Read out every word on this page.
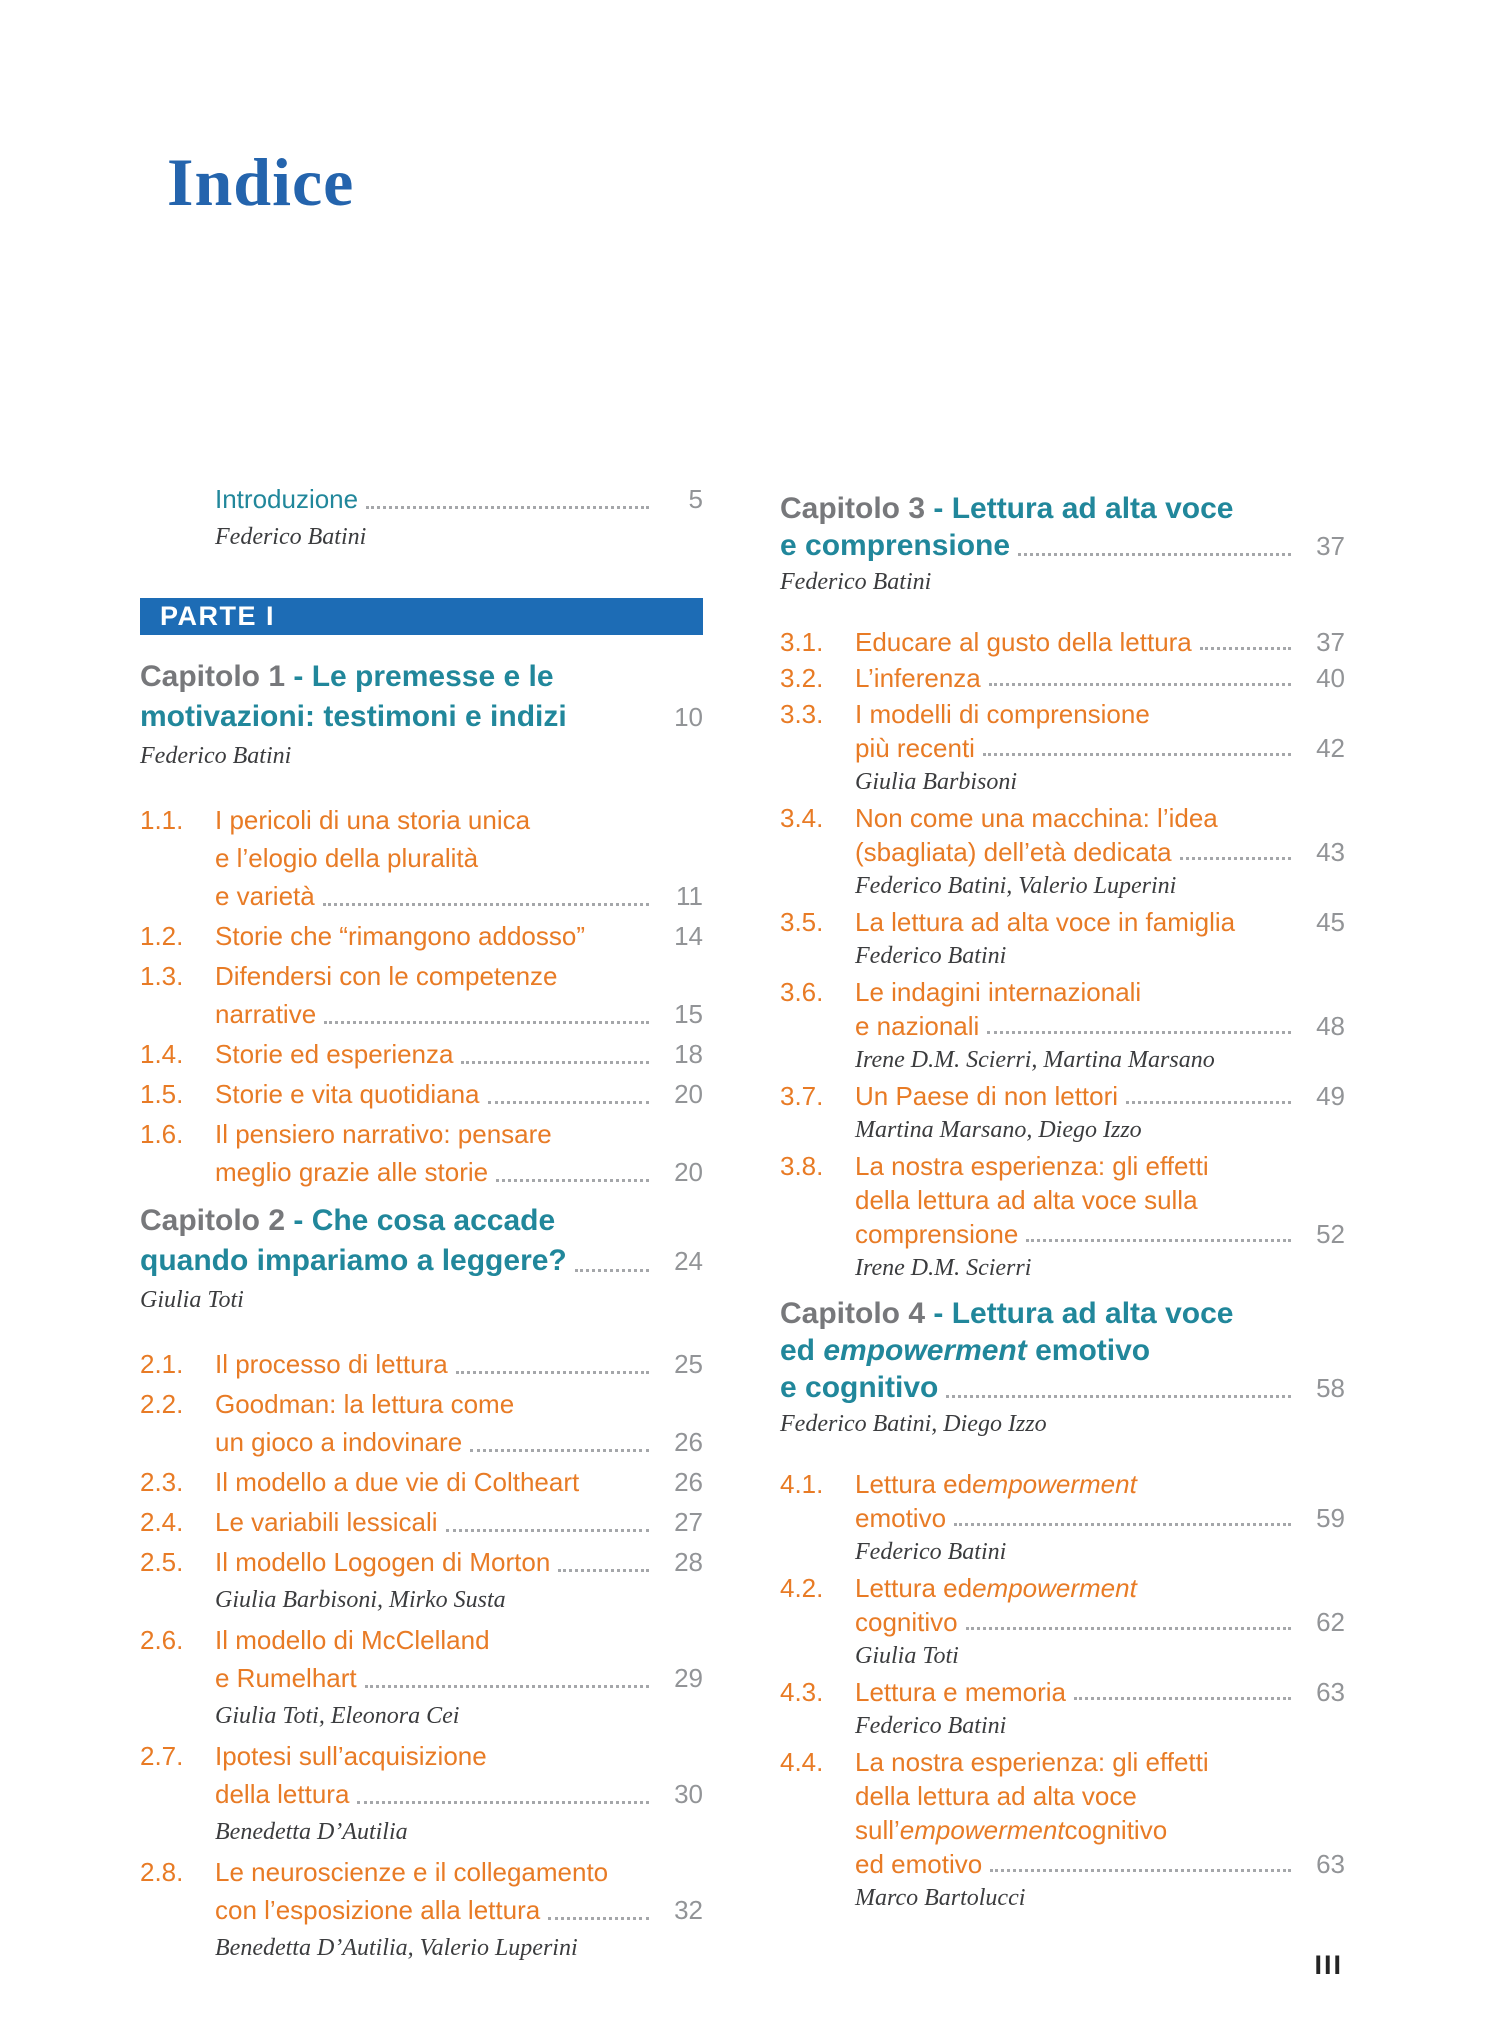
Indice
Introduzione	5
Federico Batini
PARTE I
Capitolo 1 - Le premesse e le
motivazioni: testimoni e indizi	10
Federico Batini
1.1.	I pericoli di una storia unica
e l’elogio della pluralità
e varietà	11
1.2.	Storie che “rimangono addosso”	14
1.3.	Difendersi con le competenze
narrative	15
1.4.	Storie ed esperienza	18
1.5.	Storie e vita quotidiana	20
1.6.	Il pensiero narrativo: pensare
meglio grazie alle storie	20
Capitolo 2 - Che cosa accade
quando impariamo a leggere?	24
Giulia Toti
2.1.	Il processo di lettura	25
2.2.	Goodman: la lettura come
un gioco a indovinare	26
2.3.	Il modello a due vie di Coltheart	26
2.4.	Le variabili lessicali	27
2.5.	Il modello Logogen di Morton	28
Giulia Barbisoni, Mirko Susta
2.6.	Il modello di McClelland
e Rumelhart	29
Giulia Toti, Eleonora Cei
2.7.	Ipotesi sull’acquisizione
della lettura	30
Benedetta D’Autilia
2.8.	Le neuroscienze e il collegamento
con l’esposizione alla lettura	32
Benedetta D’Autilia, Valerio Luperini
Capitolo 3 - Lettura ad alta voce
e comprensione	37
Federico Batini
3.1.	Educare al gusto della lettura	37
3.2.	L’inferenza	40
3.3.	I modelli di comprensione
più recenti	42
Giulia Barbisoni
3.4.	Non come una macchina: l’idea
(sbagliata) dell’età dedicata	43
Federico Batini, Valerio Luperini
3.5.	La lettura ad alta voce in famiglia	45
Federico Batini
3.6.	Le indagini internazionali
e nazionali	48
Irene D.M. Scierri, Martina Marsano
3.7.	Un Paese di non lettori	49
Martina Marsano, Diego Izzo
3.8.	La nostra esperienza: gli effetti
della lettura ad alta voce sulla
comprensione	52
Irene D.M. Scierri
Capitolo 4 - Lettura ad alta voce
ed empowerment emotivo
e cognitivo	58
Federico Batini, Diego Izzo
4.1.	Lettura ed empowerment
emotivo	59
Federico Batini
4.2.	Lettura ed empowerment
cognitivo	62
Giulia Toti
4.3.	Lettura e memoria	63
Federico Batini
4.4.	La nostra esperienza: gli effetti
della lettura ad alta voce
sull’ empowerment cognitivo
ed emotivo	63
Marco Bartolucci
III
